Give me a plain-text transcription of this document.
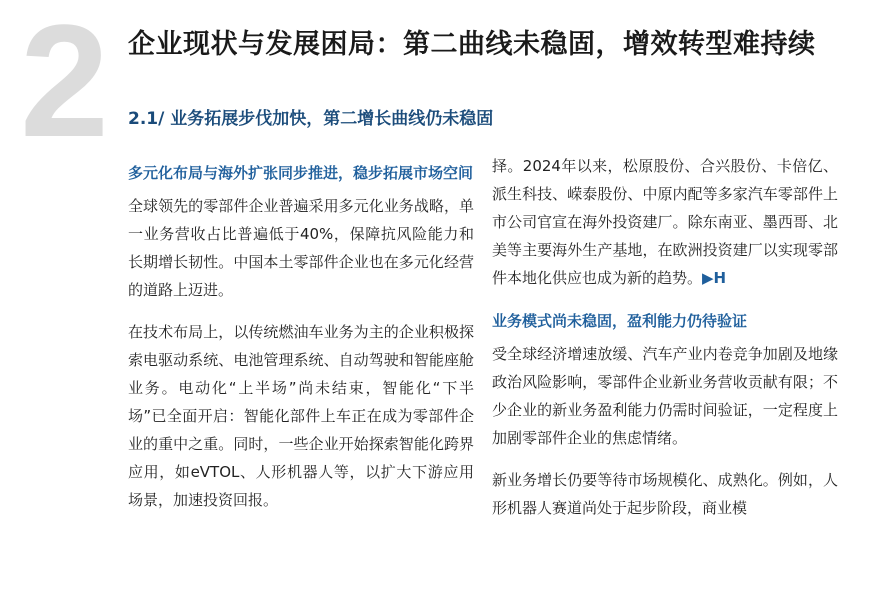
2 企业现状与发展困局：第二曲线未稳固，增效转型难持续
2.1/ 业务拓展步伐加快，第二增长曲线仍未稳固
多元化布局与海外扩张同步推进，稳步拓展市场空间

全球领先的零部件企业普遍采用多元化业务战略，单一业务营收占比普遍低于40%，保障抗风险能力和长期增长韧性。中国本土零部件企业也在多元化经营的道路上迈进。

在技术布局上，以传统燃油车业务为主的企业积极探索电驱动系统、电池管理系统、自动驾驶和智能座舱业务。电动化“上半场”尚未结束，智能化“下半场”已全面开启：智能化部件上车正在成为零部件企业的重中之重。同时，一些企业开始探索智能化跨界应用，如eVTOL、人形机器人等，以扩大下游应用场景，加速投资回报。

择。2024年以来，松原股份、合兴股份、卡倍亿、派生科技、嵘泰股份、中原内配等多家汽车零部件上市公司官宣在海外投资建厂。除东南亚、墨西哥、北美等主要海外生产基地，在欧洲投资建厂以实现零部件本地化供应也成为新的趋势。▶H

业务模式尚未稳固，盈利能力仍待验证

受全球经济增速放缓、汽车产业内卷竞争加剧及地缘政治风险影响，零部件企业新业务营收贡献有限；不少企业的新业务盈利能力仍需时间验证，一定程度上加剧零部件企业的焦虑情绪。

新业务增长仍要等待市场规模化、成熟化。例如，人形机器人赛道尚处于起步阶段，商业模
